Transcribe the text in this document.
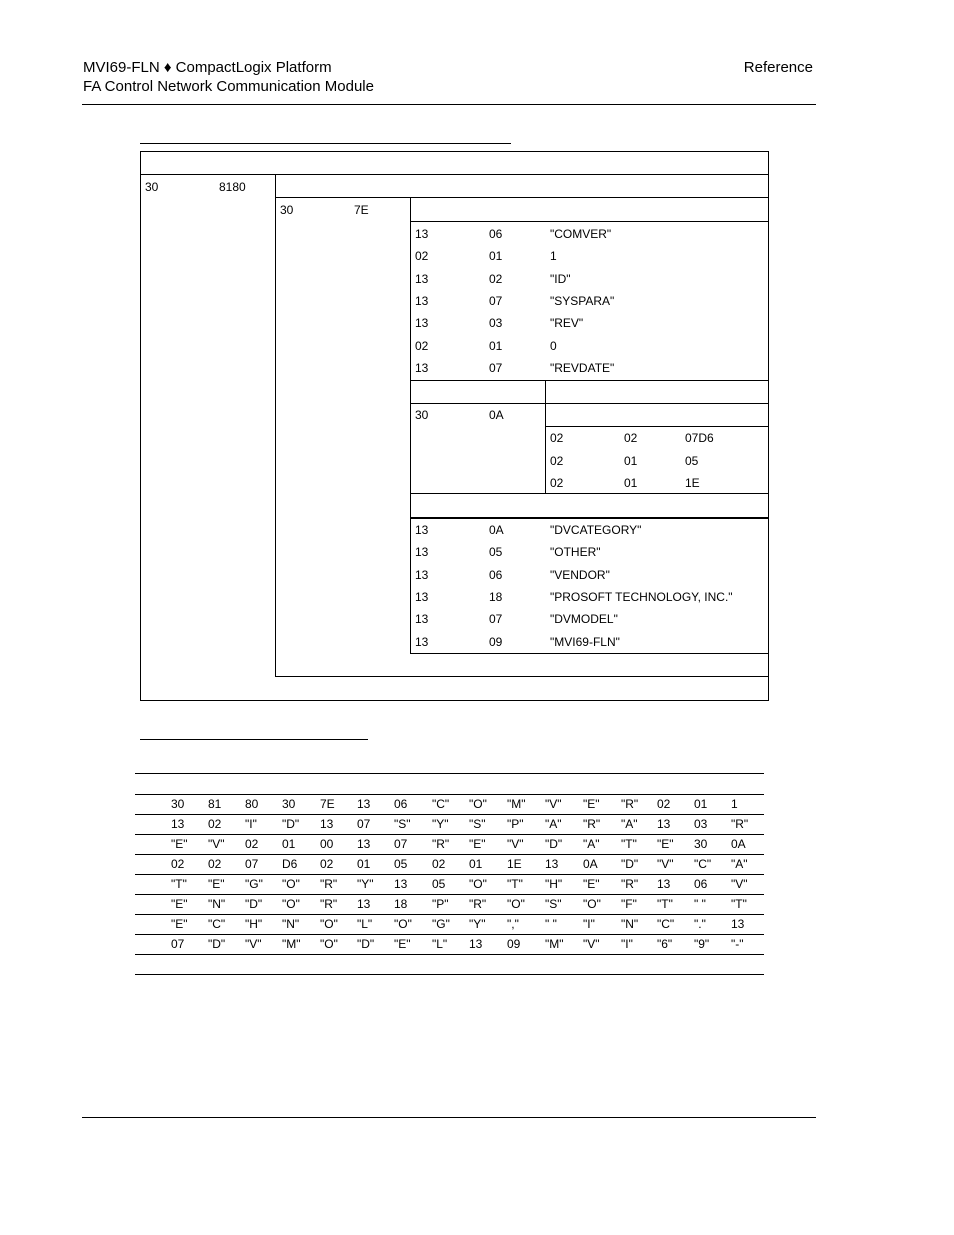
MVI69-FLN ♦ CompactLogix Platform
FA Control Network Communication Module
Reference
30	8180
30	7E
30	0A
13	06	"COMVER"
02	01	1
13	02	"ID"
13	07	"SYSPARA"
13	03	"REV"
02	01	0
13	07	"REVDATE"
02	02	07D6
02	01	05
02	01	1E
13	0A	"DVCATEGORY"
13	05	"OTHER"
13	06	"VENDOR"
13	18	"PROSOFT TECHNOLOGY, INC."
13	07	"DVMODEL"
13	09	"MVI69-FLN"
30 81 80 30 7E 13 06 "C" "O" "M" "V" "E" "R" 02 01 1
13 02 "I" "D" 13 07 "S" "Y" "S" "P" "A" "R" "A" 13 03 "R"
"E" "V" 02 01 00 13 07 "R" "E" "V" "D" "A" "T" "E" 30 0A
02 02 07 D6 02 01 05 02 01 1E 13 0A "D" "V" "C" "A"
"T" "E" "G" "O" "R" "Y" 13 05 "O" "T" "H" "E" "R" 13 06 "V"
"E" "N" "D" "O" "R" 13 18 "P" "R" "O" "S" "O" "F" "T" " " "T"
"E" "C" "H" "N" "O" "L" "O" "G" "Y" "," " " "I" "N" "C" "." 13
07 "D" "V" "M" "O" "D" "E" "L" 13 09 "M" "V" "I" "6" "9" "-"
